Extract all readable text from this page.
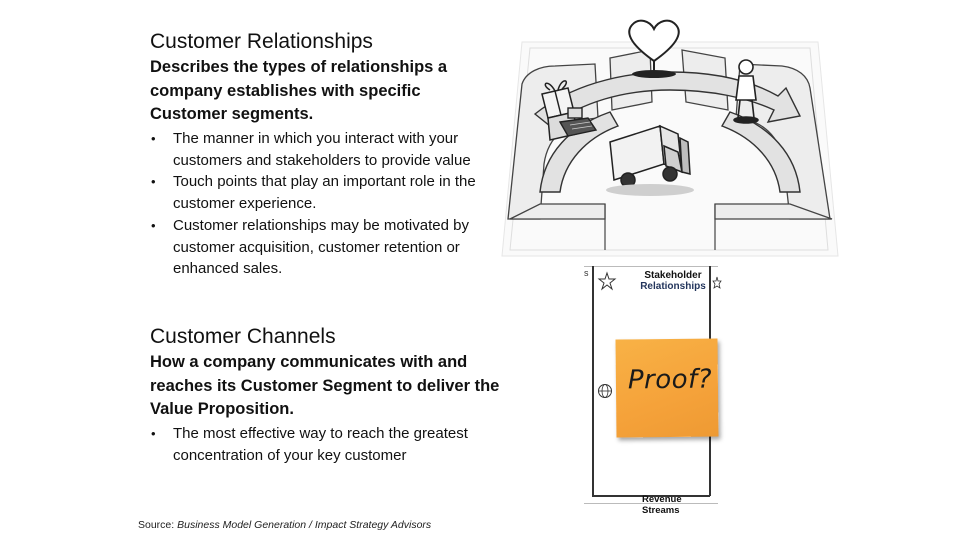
Customer Relationships

Describes the types of relationships a company establishes with specific Customer segments.

• The manner in which you interact with your customers and stakeholders to provide value
• Touch points that play an important role in the customer experience.
• Customer relationships may be motivated by customer acquisition, customer retention or enhanced sales.
Customer Channels

How a company communicates with and reaches its Customer Segment to deliver the Value Proposition.

• The most effective way to reach the greatest concentration of your key customer

Source: Business Model Generation / Impact Strategy Advisors

s	Stakeholder
Relationships
Revenue Streams
Proof?
